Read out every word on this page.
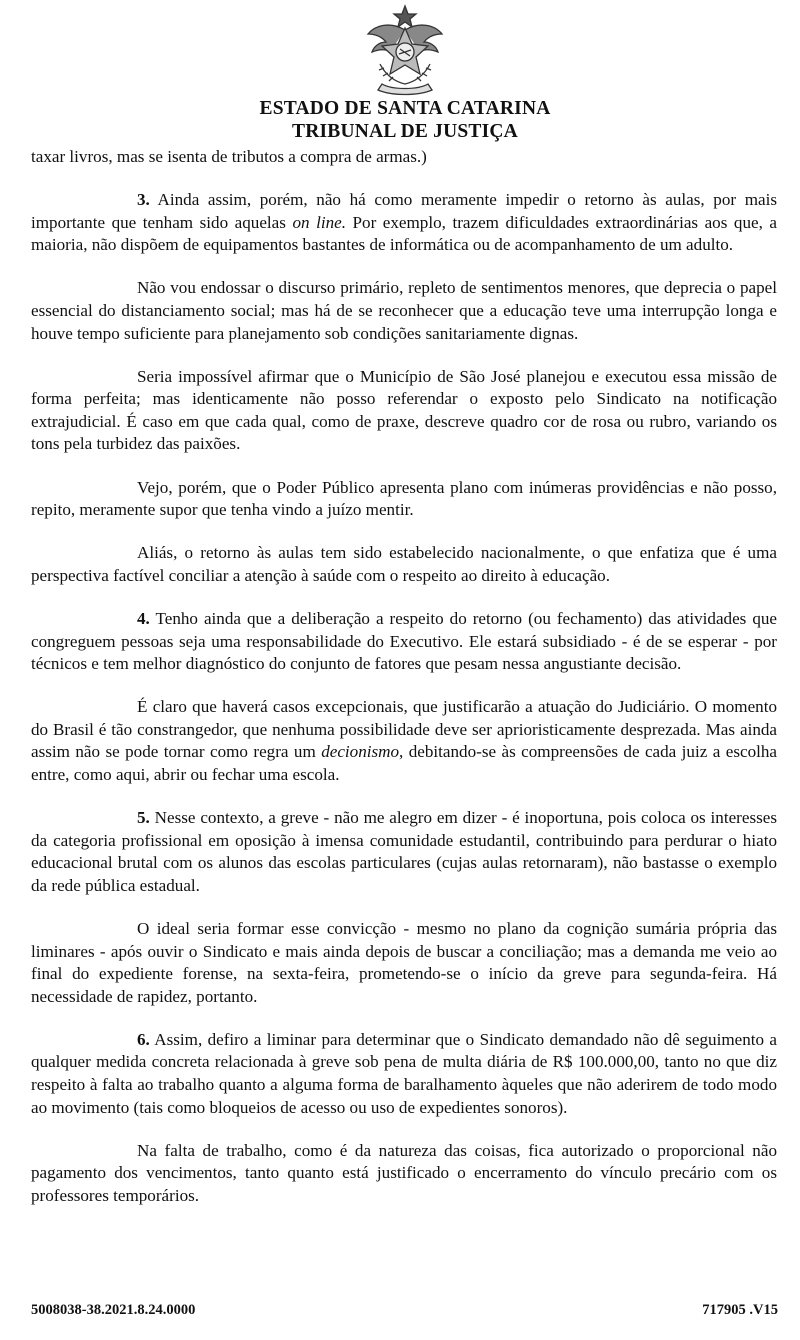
ESTADO DE SANTA CATARINA
TRIBUNAL DE JUSTIÇA

taxar livros, mas se isenta de tributos a compra de armas.)

3. Ainda assim, porém, não há como meramente impedir o retorno às aulas, por mais importante que tenham sido aquelas on line. Por exemplo, trazem dificuldades extraordinárias aos que, a maioria, não dispõem de equipamentos bastantes de informática ou de acompanhamento de um adulto.

Não vou endossar o discurso primário, repleto de sentimentos menores, que deprecia o papel essencial do distanciamento social; mas há de se reconhecer que a educação teve uma interrupção longa e houve tempo suficiente para planejamento sob condições sanitariamente dignas.

Seria impossível afirmar que o Município de São José planejou e executou essa missão de forma perfeita; mas identicamente não posso referendar o exposto pelo Sindicato na notificação extrajudicial. É caso em que cada qual, como de praxe, descreve quadro cor de rosa ou rubro, variando os tons pela turbidez das paixões.

Vejo, porém, que o Poder Público apresenta plano com inúmeras providências e não posso, repito, meramente supor que tenha vindo a juízo mentir.

Aliás, o retorno às aulas tem sido estabelecido nacionalmente, o que enfatiza que é uma perspectiva factível conciliar a atenção à saúde com o respeito ao direito à educação.

4. Tenho ainda que a deliberação a respeito do retorno (ou fechamento) das atividades que congreguem pessoas seja uma responsabilidade do Executivo. Ele estará subsidiado - é de se esperar - por técnicos e tem melhor diagnóstico do conjunto de fatores que pesam nessa angustiante decisão.

É claro que haverá casos excepcionais, que justificarão a atuação do Judiciário. O momento do Brasil é tão constrangedor, que nenhuma possibilidade deve ser aprioristicamente desprezada. Mas ainda assim não se pode tornar como regra um decionismo, debitando-se às compreensões de cada juiz a escolha entre, como aqui, abrir ou fechar uma escola.

5. Nesse contexto, a greve - não me alegro em dizer - é inoportuna, pois coloca os interesses da categoria profissional em oposição à imensa comunidade estudantil, contribuindo para perdurar o hiato educacional brutal com os alunos das escolas particulares (cujas aulas retornaram), não bastasse o exemplo da rede pública estadual.

O ideal seria formar esse convicção - mesmo no plano da cognição sumária própria das liminares - após ouvir o Sindicato e mais ainda depois de buscar a conciliação; mas a demanda me veio ao final do expediente forense, na sexta-feira, prometendo-se o início da greve para segunda-feira. Há necessidade de rapidez, portanto.

6. Assim, defiro a liminar para determinar que o Sindicato demandado não dê seguimento a qualquer medida concreta relacionada à greve sob pena de multa diária de R$ 100.000,00, tanto no que diz respeito à falta ao trabalho quanto a alguma forma de baralhamento àqueles que não aderirem de todo modo ao movimento (tais como bloqueios de acesso ou uso de expedientes sonoros).

Na falta de trabalho, como é da natureza das coisas, fica autorizado o proporcional não pagamento dos vencimentos, tanto quanto está justificado o encerramento do vínculo precário com os professores temporários.

5008038-38.2021.8.24.0000	717905 .V15
